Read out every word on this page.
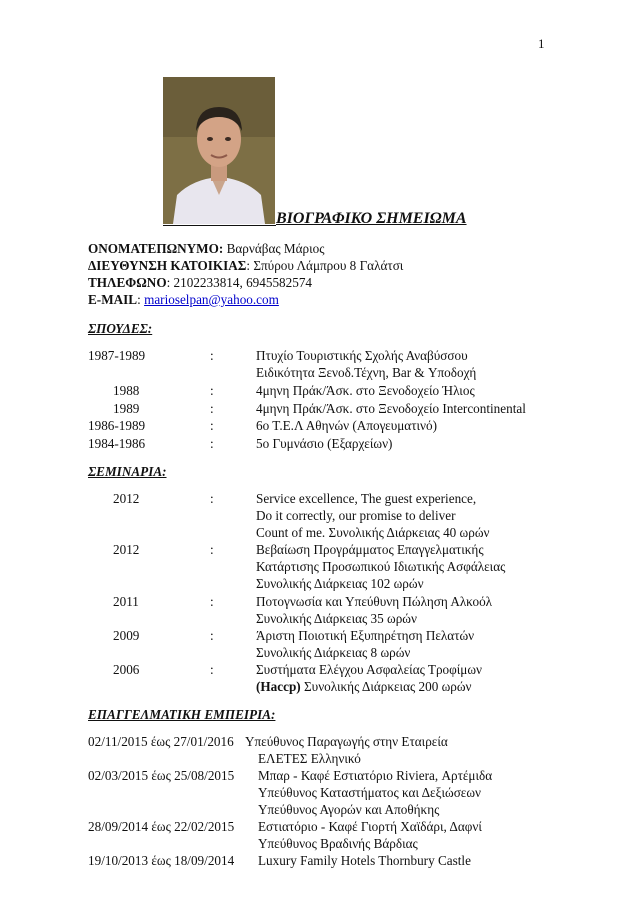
1
ΒΙΟΓΡΑΦΙΚΟ ΣΗΜΕΙΩΜΑ
ΟΝΟΜΑΤΕΠΩΝΥΜΟ: Βαρνάβας Μάριος
ΔΙΕΥΘΥΝΣΗ ΚΑΤΟΙΚΙΑΣ: Σπύρου Λάμπρου 8 Γαλάτσι
ΤΗΛΕΦΩΝΟ: 2102233814, 6945582574
E-MAIL: marioselpan@yahoo.com
ΣΠΟΥΔΕΣ:
1987-1989	:	Πτυχίο Τουριστικής Σχολής Αναβύσσου
Ειδικότητα Ξενοδ.Τέχνη, Bar & Υποδοχή
1988	:	4μηνη Πράκ/Άσκ. στο Ξενοδοχείο Ήλιος
1989	:	4μηνη Πράκ/Άσκ. στο Ξενοδοχείο Intercontinental
1986-1989	:	6ο Τ.Ε.Λ Αθηνών (Απογευματινό)
1984-1986	:	5ο Γυμνάσιο (Εξαρχείων)
ΣΕΜΙΝΑΡΙΑ:
2012	:	Service excellence, The guest experience,
Do it correctly, our promise to deliver
Count of me. Συνολικής Διάρκειας 40 ωρών
2012	:	Βεβαίωση Προγράμματος Επαγγελματικής
Κατάρτισης Προσωπικού Ιδιωτικής Ασφάλειας
Συνολικής Διάρκειας 102 ωρών
2011	:	Ποτογνωσία και Υπεύθυνη Πώληση Αλκοόλ
Συνολικής Διάρκειας 35 ωρών
2009	:	Άριστη Ποιοτική Εξυπηρέτηση Πελατών
Συνολικής Διάρκειας 8 ωρών
2006	:	Συστήματα Ελέγχου Ασφαλείας Τροφίμων
(Haccp) Συνολικής Διάρκειας 200 ωρών
ΕΠΑΓΓΕΛΜΑΤΙΚΗ ΕΜΠΕΙΡΙΑ:
02/11/2015 έως 27/01/2016 Υπεύθυνος Παραγωγής στην Εταιρεία
ΕΛΕΤΕΣ Ελληνικό
02/03/2015 έως 25/08/2015 Μπαρ - Καφέ Εστιατόριο Riviera, Αρτέμιδα
Υπεύθυνος Καταστήματος και Δεξιώσεων
Υπεύθυνος Αγορών και Αποθήκης
28/09/2014 έως 22/02/2015 Εστιατόριο - Καφέ Γιορτή Χαϊδάρι, Δαφνί
Υπεύθυνος Βραδινής Βάρδιας
19/10/2013 έως 18/09/2014 Luxury Family Hotels Thornbury Castle
